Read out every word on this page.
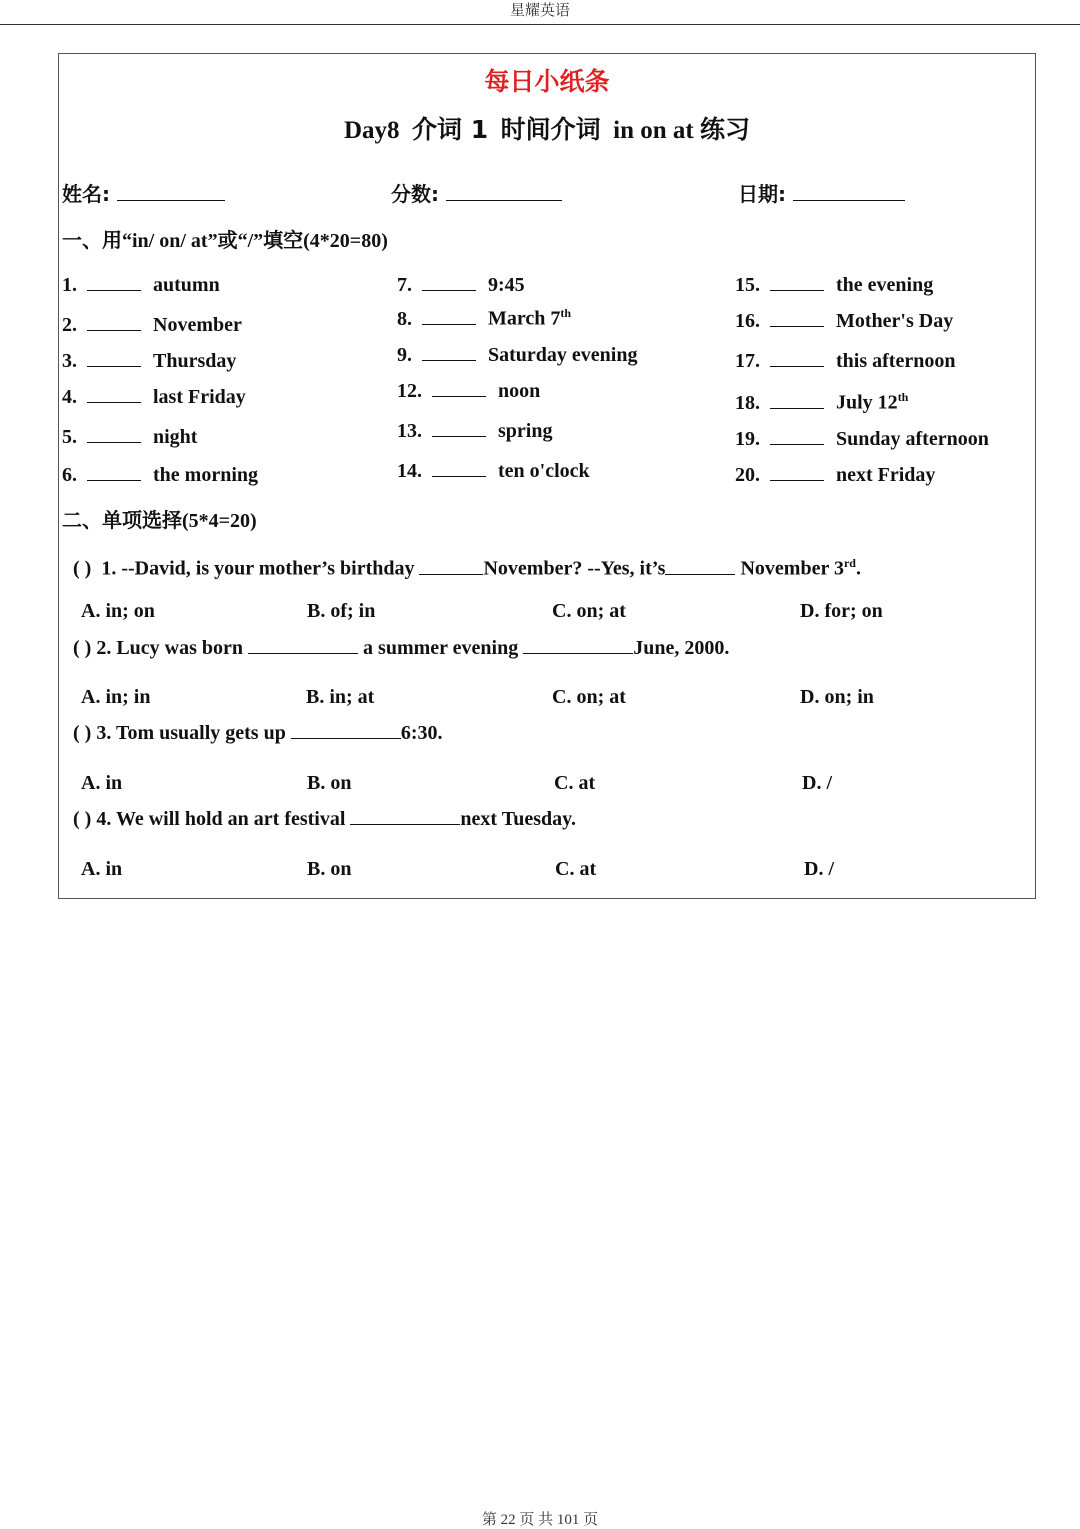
星耀英语
每日小纸条
Day8 介词 1 时间介词 in on at 练习
姓名:	分数:	日期:
一、用“in/ on/ at”或“/”填空(4*20=80)
1.	autumn
2.	November
3.	Thursday
4.	last Friday
5.	night
6.	the morning
7.	9:45
8.	March 7th
9.	Saturday evening
12.	noon
13.	spring
14.	ten o'clock
15.	the evening
16.	Mother's Day
17.	this afternoon
18.	July 12th
19.	Sunday afternoon
20.	next Friday
二、单项选择(5*4=20)
( ) 1. --David, is your mother’s birthday	November? --Yes, it’s	November 3rd.
A. in; on	B. of; in	C. on; at	D. for; on
( ) 2. Lucy was born	a summer evening	June, 2000.
A. in; in	B. in; at	C. on; at	D. on; in
( ) 3. Tom usually gets up	6:30.
A. in	B. on	C. at	D. /
( ) 4. We will hold an art festival	next Tuesday.
A. in	B. on	C. at	D. /
第 22 页 共 101 页
